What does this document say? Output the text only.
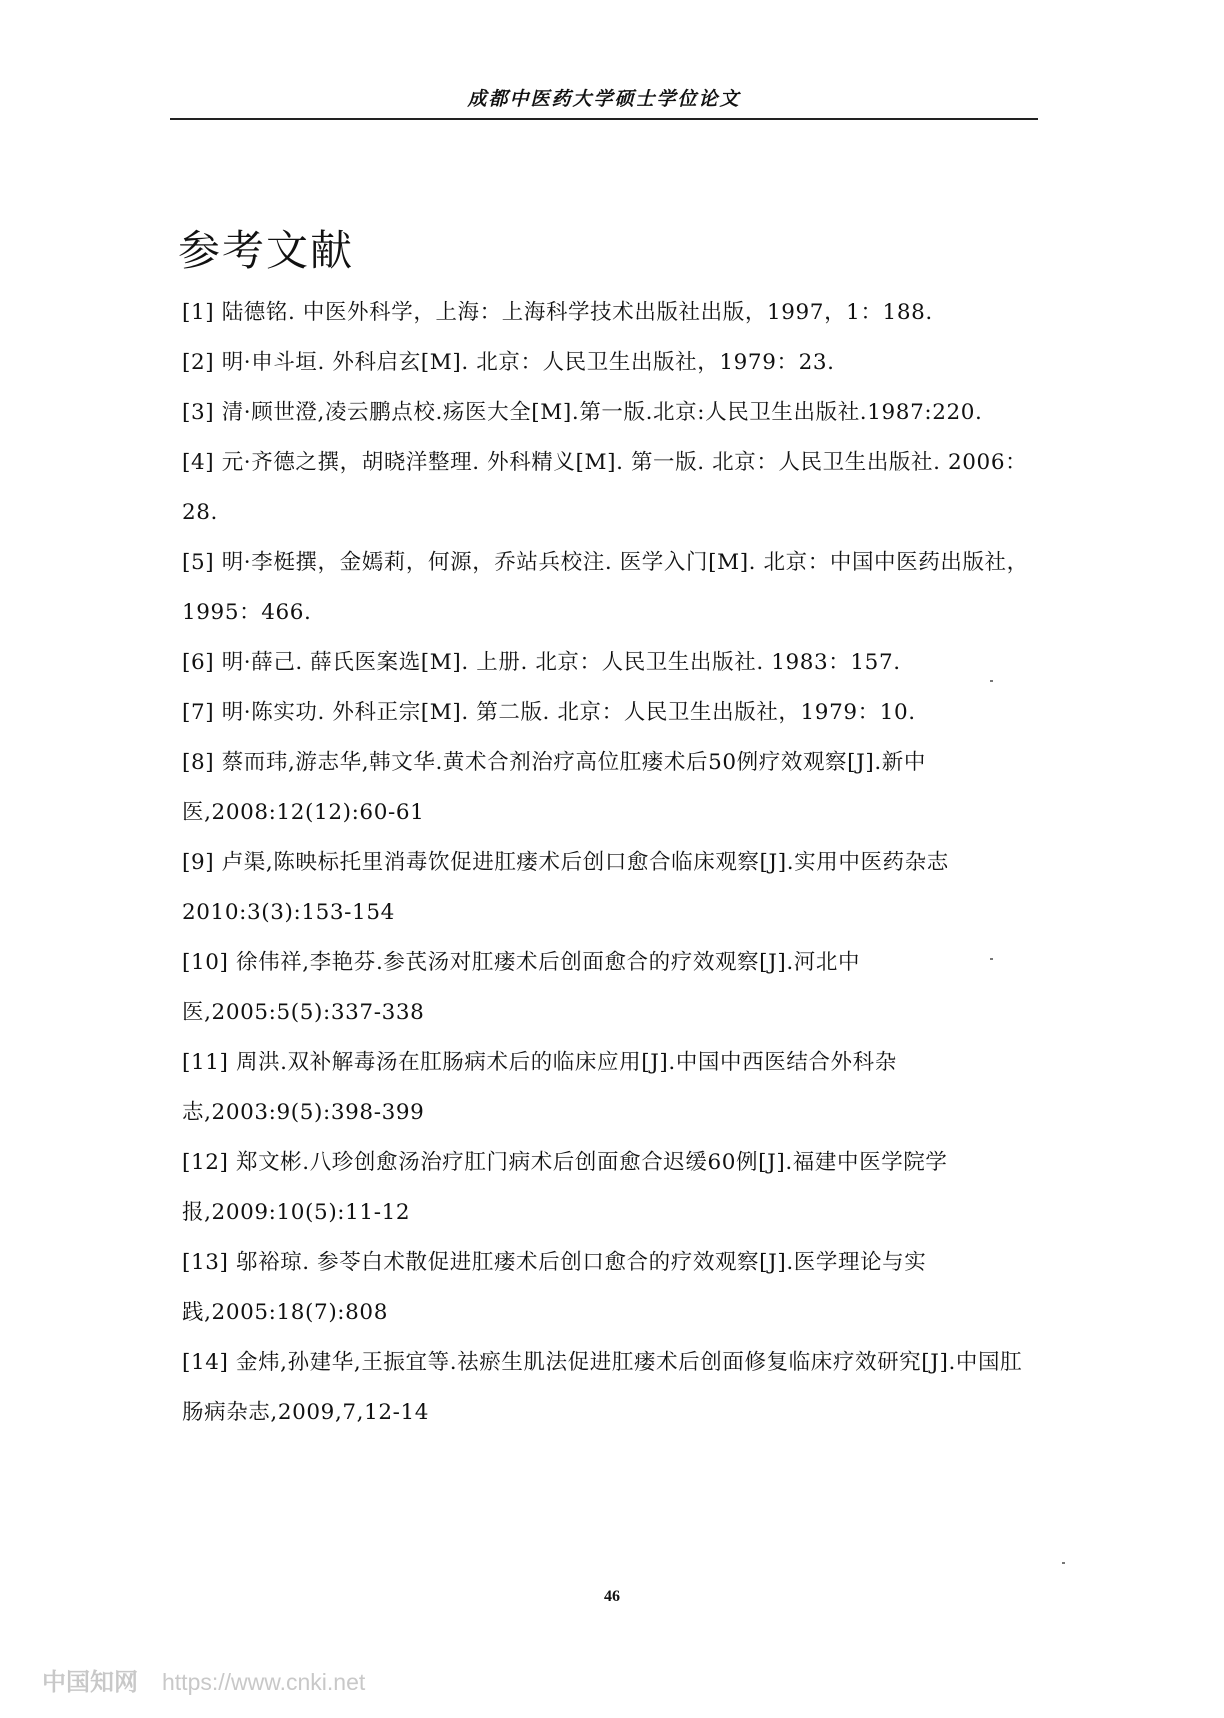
成都中医药大学硕士学位论文
参考文献

[1] 陆德铭. 中医外科学，上海：上海科学技术出版社出版，1997，1：188.

[2] 明·申斗垣. 外科启玄[M]. 北京：人民卫生出版社，1979：23.

[3] 清·顾世澄,凌云鹏点校.疡医大全[M].第一版.北京:人民卫生出版社.1987:220.

[4] 元·齐德之撰，胡晓洋整理. 外科精义[M]. 第一版. 北京：人民卫生出版社. 2006：28.

[5] 明·李梃撰，金嫣莉，何源，乔站兵校注. 医学入门[M]. 北京：中国中医药出版社，1995：466.

[6] 明·薛己. 薛氏医案选[M]. 上册. 北京：人民卫生出版社. 1983：157.

[7] 明·陈实功. 外科正宗[M]. 第二版. 北京：人民卫生出版社，1979：10.

[8] 蔡而玮,游志华,韩文华.黄术合剂治疗高位肛瘘术后50例疗效观察[J].新中医,2008:12(12):60-61

[9] 卢渠,陈映标托里消毒饮促进肛瘘术后创口愈合临床观察[J].实用中医药杂志 2010:3(3):153-154

[10] 徐伟祥,李艳芬.参芪汤对肛瘘术后创面愈合的疗效观察[J].河北中医,2005:5(5):337-338

[11] 周洪.双补解毒汤在肛肠病术后的临床应用[J].中国中西医结合外科杂志,2003:9(5):398-399

[12] 郑文彬.八珍创愈汤治疗肛门病术后创面愈合迟缓60例[J].福建中医学院学报,2009:10(5):11-12

[13] 邬裕琼. 参苓白术散促进肛瘘术后创口愈合的疗效观察[J].医学理论与实践,2005:18(7):808

[14] 金炜,孙建华,王振宜等.祛瘀生肌法促进肛瘘术后创面修复临床疗效研究[J].中国肛肠病杂志,2009,7,12-14

46
中国知网 https://www.cnki.net
